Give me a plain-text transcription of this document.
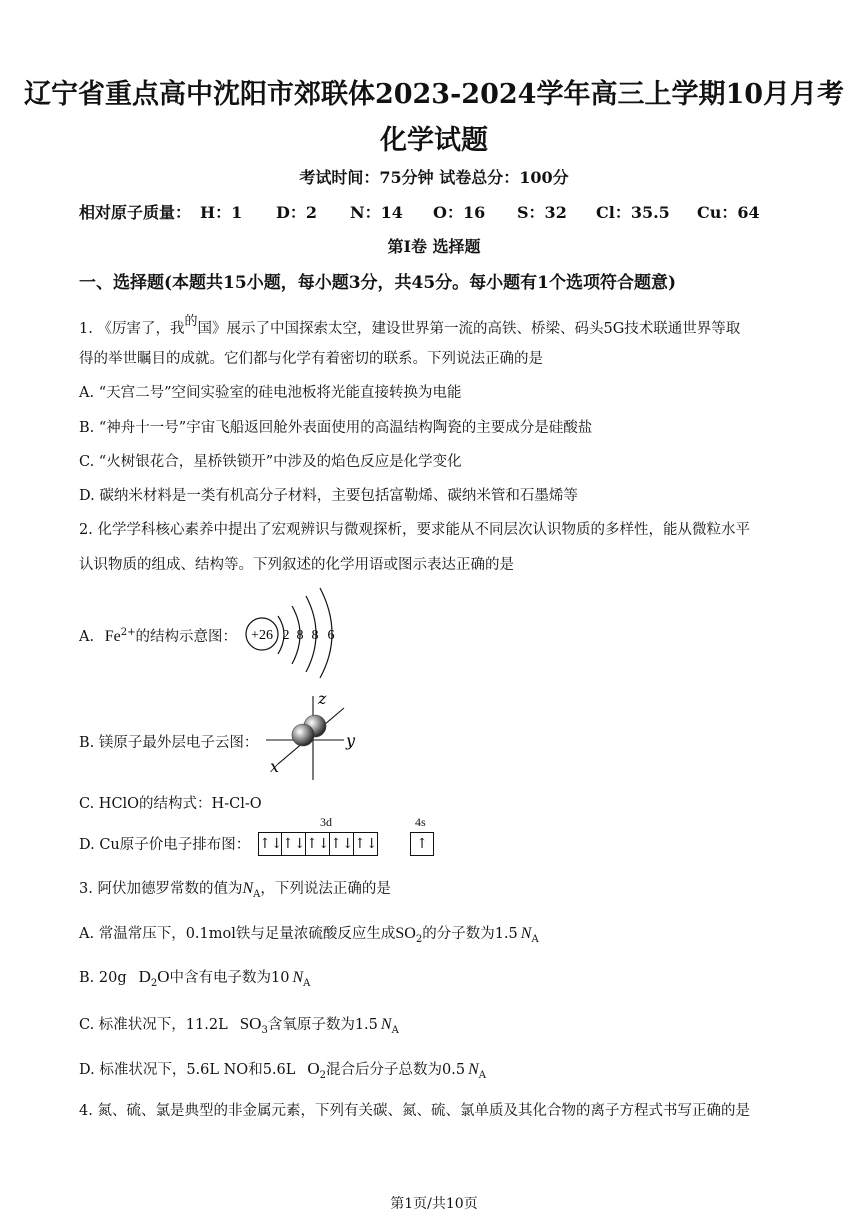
辽宁省重点高中沈阳市郊联体2023-2024学年高三上学期10月月考
化学试题
考试时间：75分钟 试卷总分：100分
相对原子质量： H：1 D：2 N：14 O：16 S：32 Cl：35.5 Cu：64
第Ⅰ卷 选择题
一、选择题(本题共15小题，每小题3分，共45分。每小题有1个选项符合题意)
1. 《厉害了，我$^的$国》展示了中国探索太空，建设世界第一流的高铁、桥梁、码头5G技术联通世界等取
得的举世瞩目的成就。它们都与化学有着密切的联系。下列说法正确的是
A. “天宫二号”空间实验室的硅电池板将光能直接转换为电能
B. “神舟十一号”宇宙飞船返回舱外表面使用的高温结构陶瓷的主要成分是硅酸盐
C. “火树银花合，星桥铁锁开”中涉及的焰色反应是化学变化
D. 碳纳米材料是一类有机高分子材料，主要包括富勒烯、碳纳米管和石墨烯等
2. 化学学科核心素养中提出了宏观辨识与微观探析，要求能从不同层次认识物质的多样性，能从微粒水平
认识物质的组成、结构等。下列叙述的化学用语或图示表达正确的是
A. $Fe^{2+}$的结构示意图： +26 2 8 8 6
B. 镁原子最外层电子云图：
z
y
x
C. HClO的结构式：H-Cl-O
D. Cu原子价电子排布图：
3d	4s
↑↓ ↑↓ ↑↓ ↑↓ ↑↓	↑
3. 阿伏加德罗常数的值为$N_A$，下列说法正确的是
A. 常温常压下，0.1mol铁与足量浓硫酸反应生成$SO_2$的分子数为1.5 $N_A$
B. 20g $D_2O$中含有电子数为10 $N_A$
C. 标准状况下，11.2L $SO_3$含氧原子数为1.5 $N_A$
D. 标准状况下，5.6L NO和5.6L $O_2$混合后分子总数为0.5 $N_A$
4. 氮、硫、氯是典型的非金属元素，下列有关碳、氮、硫、氯单质及其化合物的离子方程式书写正确的是
第1页/共10页
